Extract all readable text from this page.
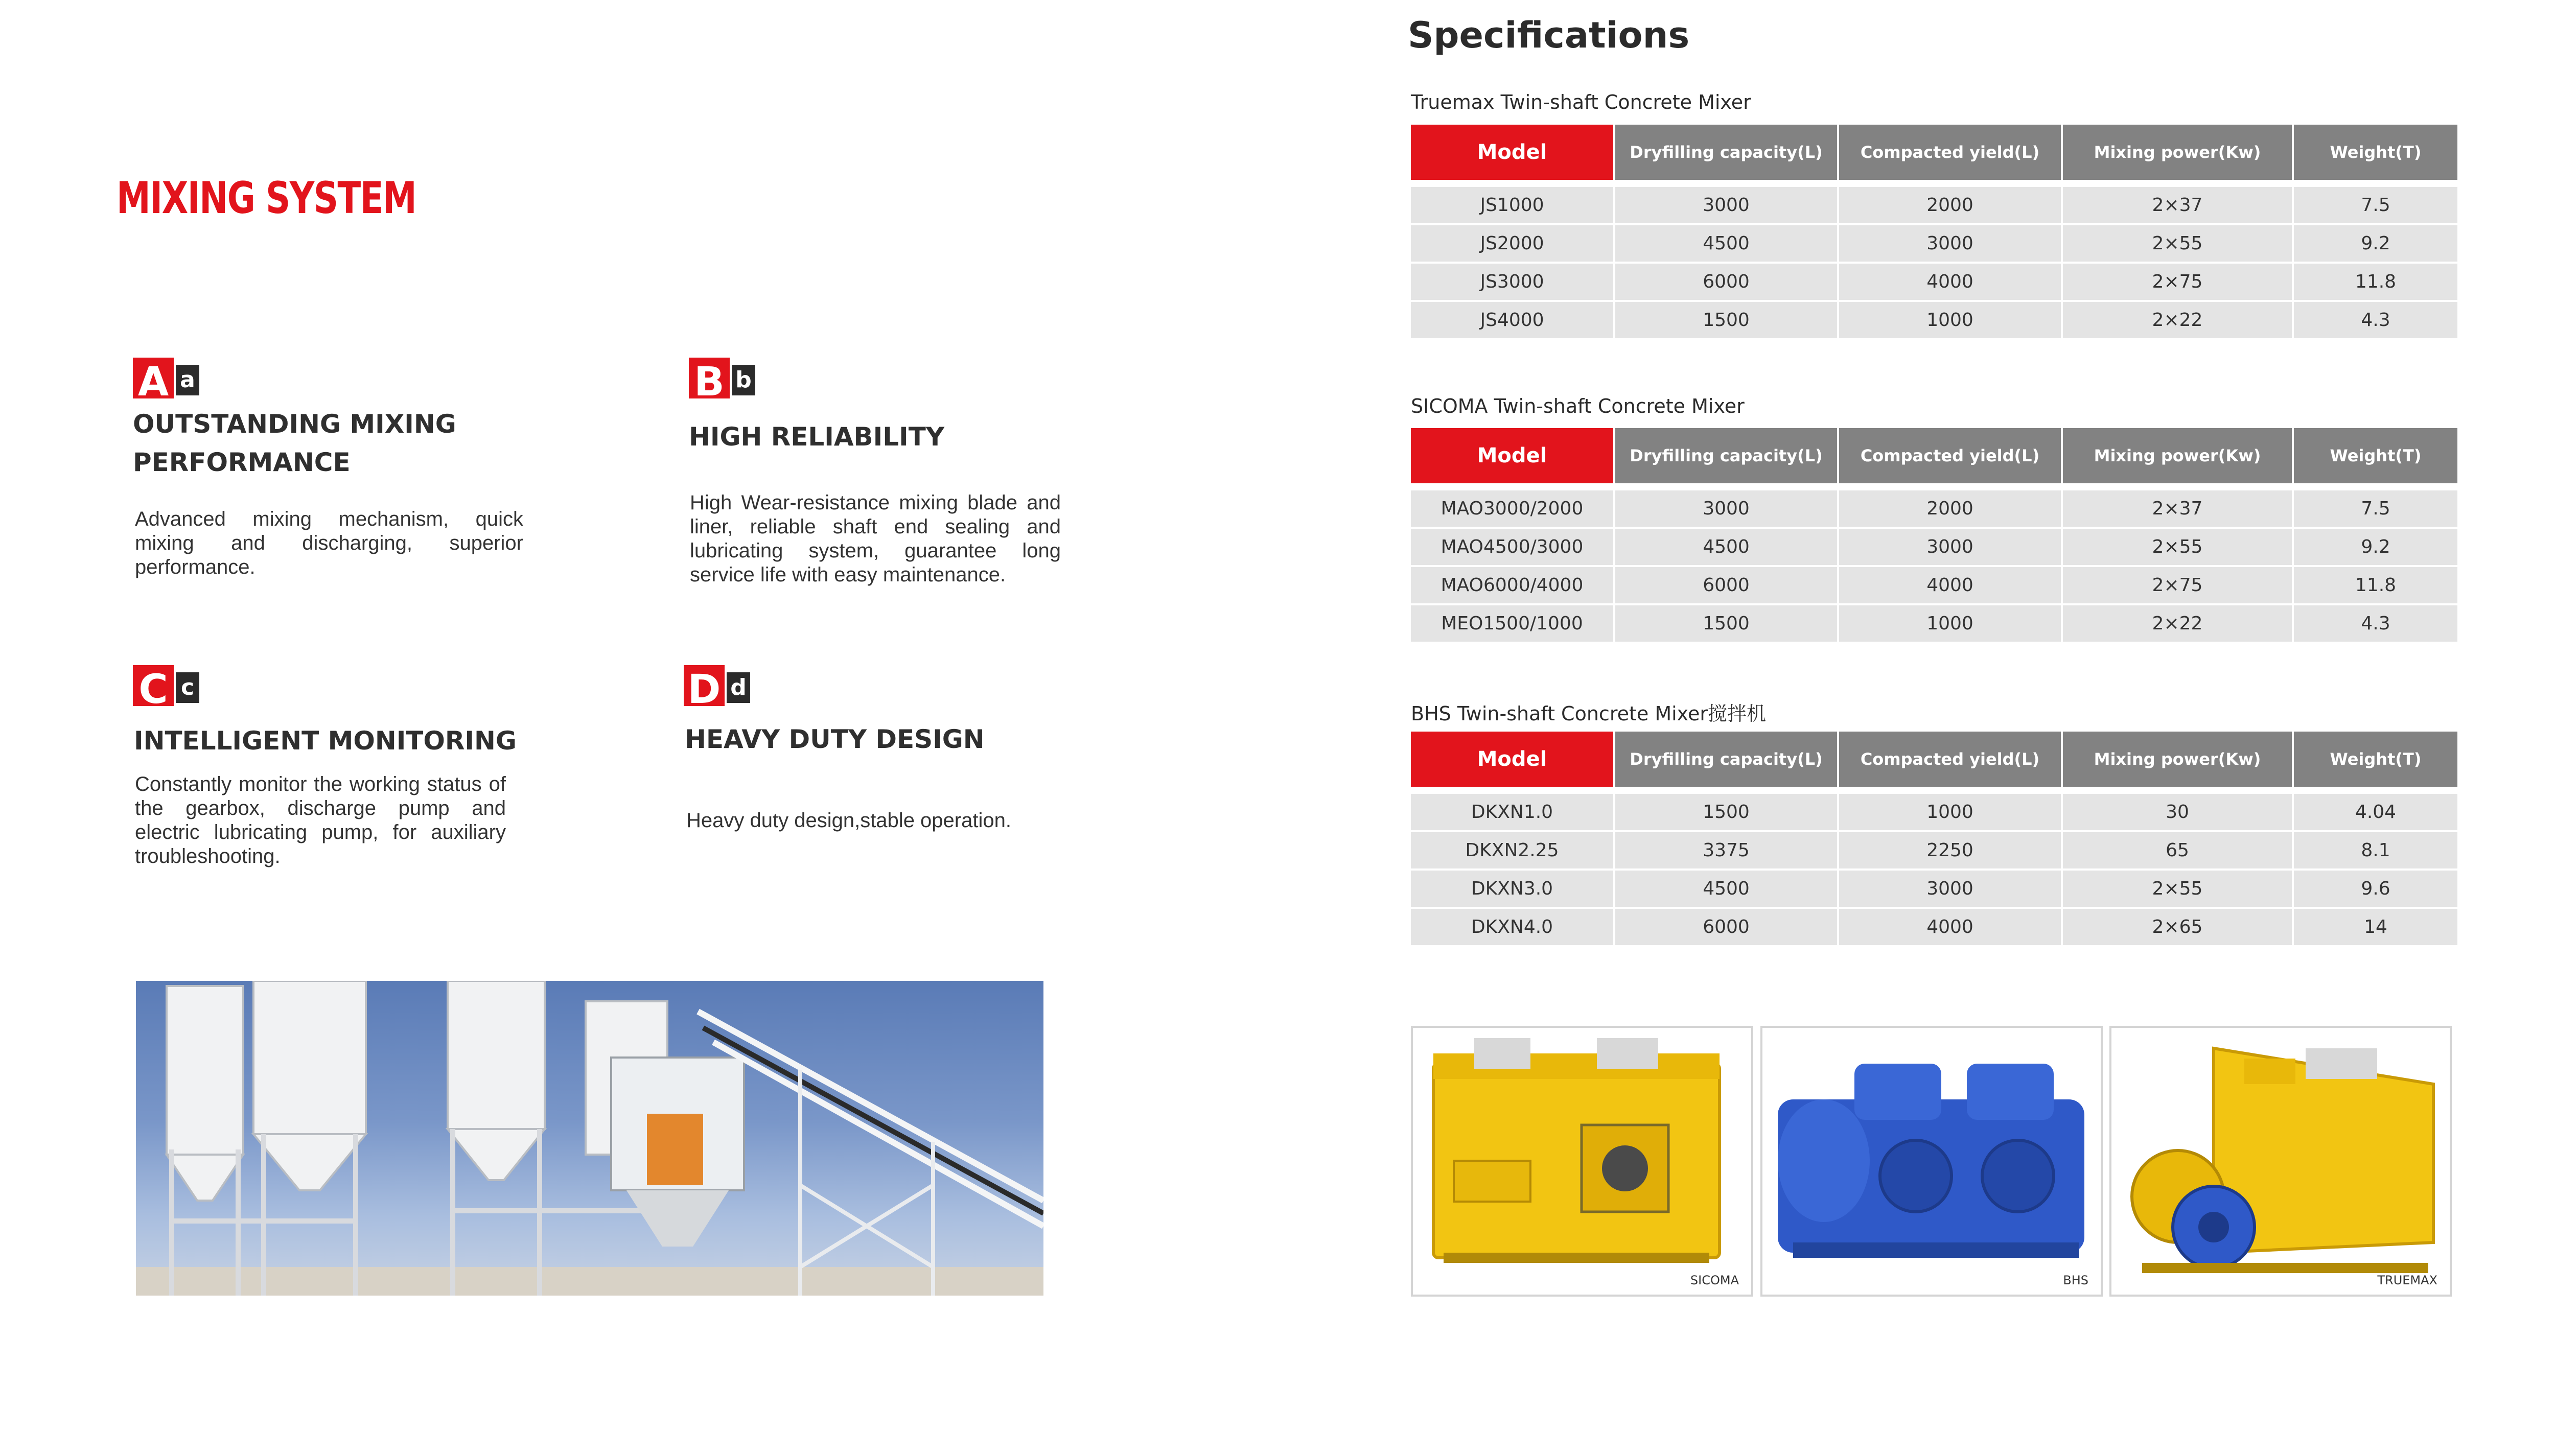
MIXING SYSTEM
A a

OUTSTANDING MIXING

PERFORMANCE

Advanced mixing mechanism, quick mixing and discharging, superior performance.

B b

HIGH RELIABILITY

High Wear-resistance mixing blade and liner, reliable shaft end sealing and lubricating system, guarantee long service life with easy maintenance.

C c

INTELLIGENT MONITORING

Constantly monitor the working status of the gearbox, discharge pump and electric lubricating pump, for auxiliary troubleshooting.

D d

HEAVY DUTY DESIGN

Heavy duty design,stable operation.

Specifications
Truemax Twin-shaft Concrete Mixer
Model	Dryfilling capacity(L)	Compacted yield(L)	Mixing power(Kw)	Weight(T)

JS1000	3000	2000	2×37	7.5
JS2000	4500	3000	2×55	9.2
JS3000	6000	4000	2×75	11.8
JS4000	1500	1000	2×22	4.3
SICOMA Twin-shaft Concrete Mixer
Model	Dryfilling capacity(L)	Compacted yield(L)	Mixing power(Kw)	Weight(T)

MAO3000/2000	3000	2000	2×37	7.5
MAO4500/3000	4500	3000	2×55	9.2
MAO6000/4000	6000	4000	2×75	11.8
MEO1500/1000	1500	1000	2×22	4.3
BHS Twin-shaft Concrete Mixer搅拌机
Model	Dryfilling capacity(L)	Compacted yield(L)	Mixing power(Kw)	Weight(T)

DKXN1.0	1500	1000	30	4.04
DKXN2.25	3375	2250	65	8.1
DKXN3.0	4500	3000	2×55	9.6
DKXN4.0	6000	4000	2×65	14
SICOMA	BHS	TRUEMAX
